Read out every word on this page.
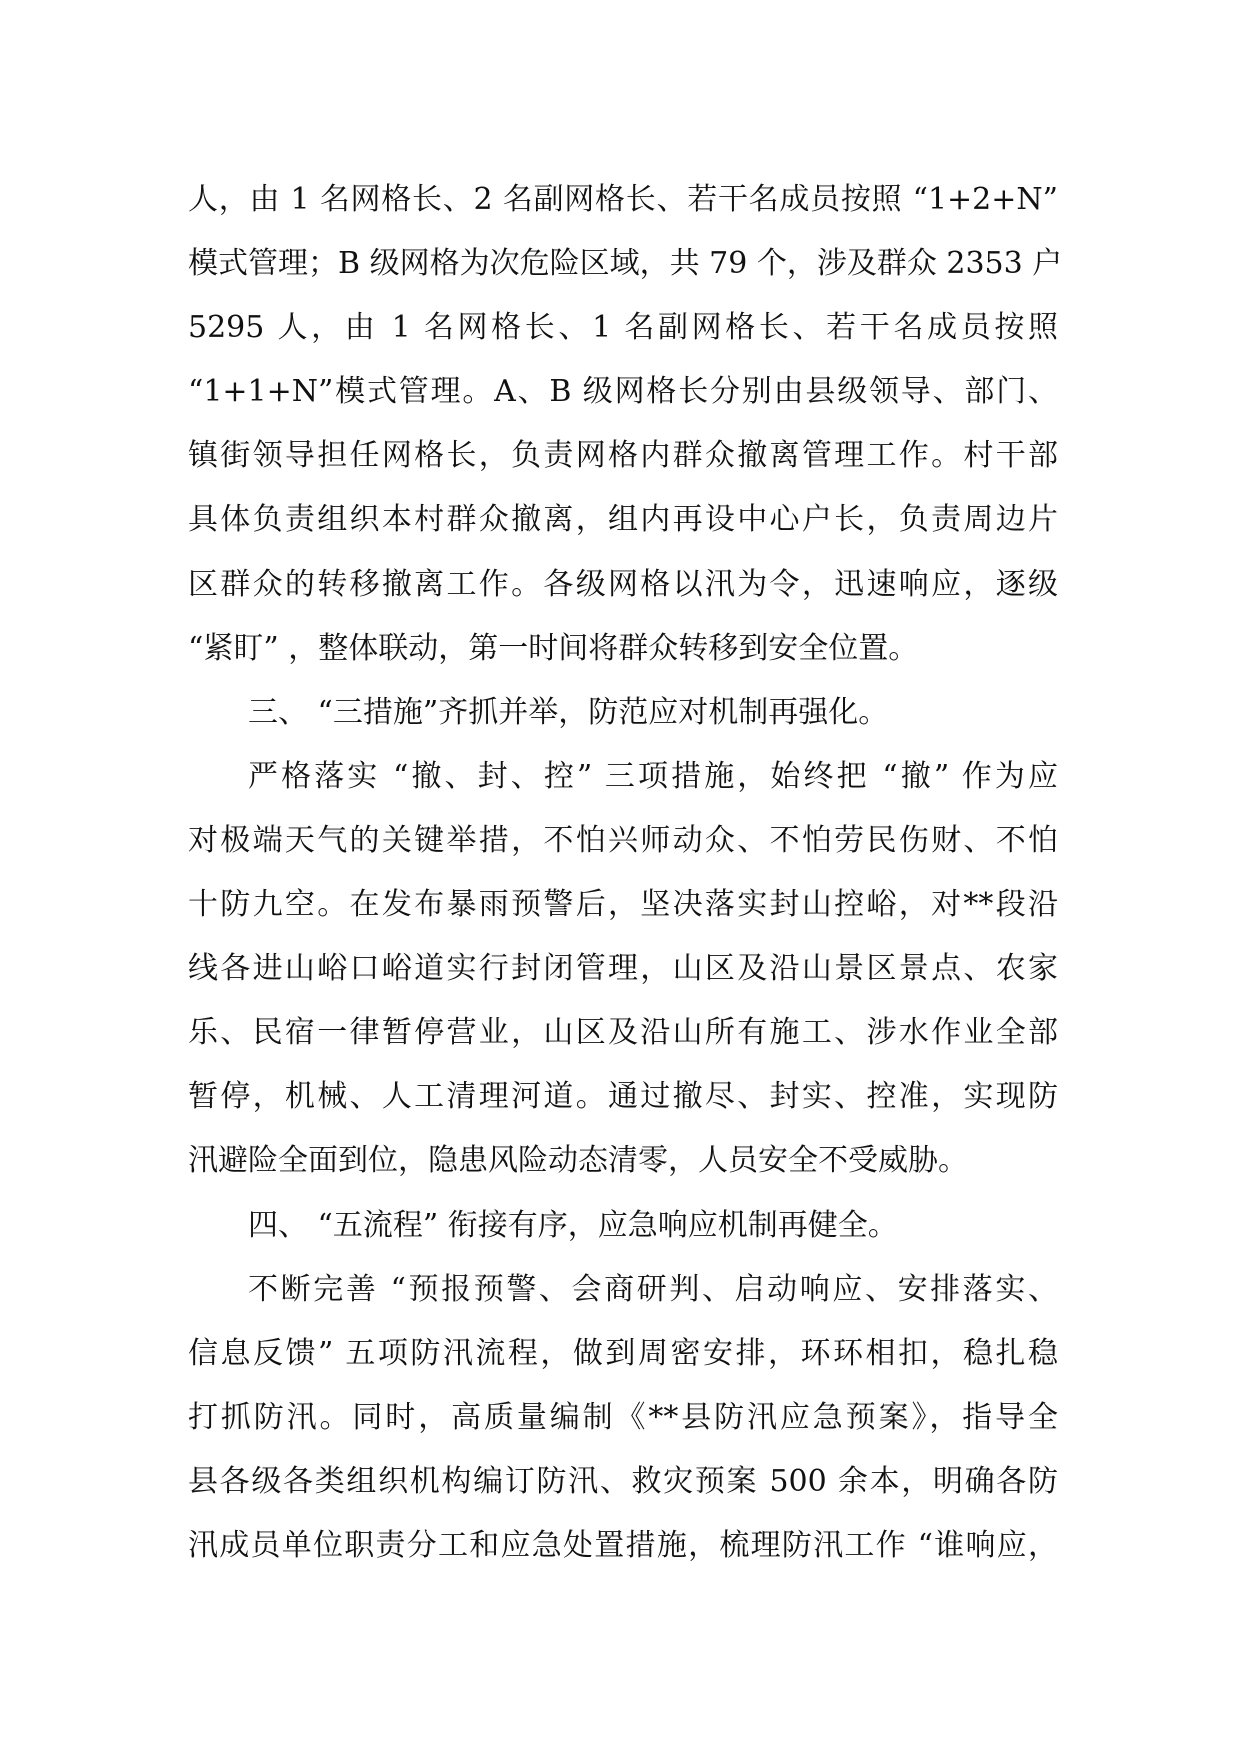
人，由 1 名网格长、2 名副网格长、若干名成员按照 “1+2+N”
模式管理；B 级网格为次危险区域，共 79 个，涉及群众 2353 户
5295 人，由 1 名网格长、1 名副网格长、若干名成员按照
“1+1+N”模式管理。A、B 级网格长分别由县级领导、部门、
镇街领导担任网格长，负责网格内群众撤离管理工作。村干部
具体负责组织本村群众撤离，组内再设中心户长，负责周边片
区群众的转移撤离工作。各级网格以汛为令，迅速响应，逐级
“紧盯” ，整体联动，第一时间将群众转移到安全位置。
三、 “三措施”齐抓并举，防范应对机制再强化。
严格落实 “撤、封、控” 三项措施，始终把 “撤” 作为应
对极端天气的关键举措，不怕兴师动众、不怕劳民伤财、不怕
十防九空。在发布暴雨预警后，坚决落实封山控峪，对**段沿
线各进山峪口峪道实行封闭管理，山区及沿山景区景点、农家
乐、民宿一律暂停营业，山区及沿山所有施工、涉水作业全部
暂停，机械、人工清理河道。通过撤尽、封实、控准，实现防
汛避险全面到位，隐患风险动态清零，人员安全不受威胁。
四、 “五流程” 衔接有序，应急响应机制再健全。
不断完善 “预报预警、会商研判、启动响应、安排落实、
信息反馈” 五项防汛流程，做到周密安排，环环相扣，稳扎稳
打抓防汛。同时，高质量编制《**县防汛应急预案》，指导全
县各级各类组织机构编订防汛、救灾预案 500 余本，明确各防
汛成员单位职责分工和应急处置措施，梳理防汛工作 “谁响应，
